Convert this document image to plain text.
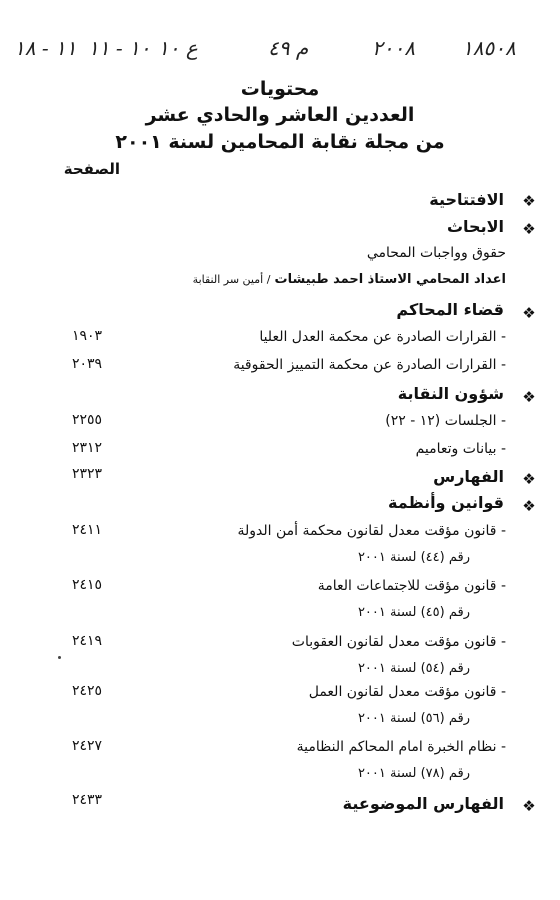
١٨٥٠٨
٢٠٠٨
م ٤٩
ع ١٠
١٠ - ١١
١١ - ١٨
محتويات
العددين العاشر والحادي عشر
من مجلة نقابة المحامين لسنة ٢٠٠١
الصفحة
❖
الافتتاحية
❖
الابحاث
حقوق وواجبات المحامي
اعداد المحامي الاستاذ احمد طبيشات / أمين سر النقابة
❖
قضاء المحاكم
- القرارات الصادرة عن محكمة العدل العليا
١٩٠٣
- القرارات الصادرة عن محكمة التمييز الحقوقية
٢٠٣٩
❖
شؤون النقابة
- الجلسات (١٢ - ٢٢)
٢٢٥٥
- بيانات وتعاميم
٢٣١٢
❖
الفهارس
٢٣٢٣
❖
قوانين وأنظمة
- قانون مؤقت معدل لقانون محكمة أمن الدولة
٢٤١١
رقم (٤٤) لسنة ٢٠٠١
- قانون مؤقت للاجتماعات العامة
٢٤١٥
رقم (٤٥) لسنة ٢٠٠١
- قانون مؤقت معدل لقانون العقوبات
٢٤١٩
رقم (٥٤) لسنة ٢٠٠١
- قانون مؤقت معدل لقانون العمل
٢٤٢٥
رقم (٥٦) لسنة ٢٠٠١
- نظام الخبرة امام المحاكم النظامية
٢٤٢٧
رقم (٧٨) لسنة ٢٠٠١
❖
الفهارس الموضوعية
٢٤٣٣
